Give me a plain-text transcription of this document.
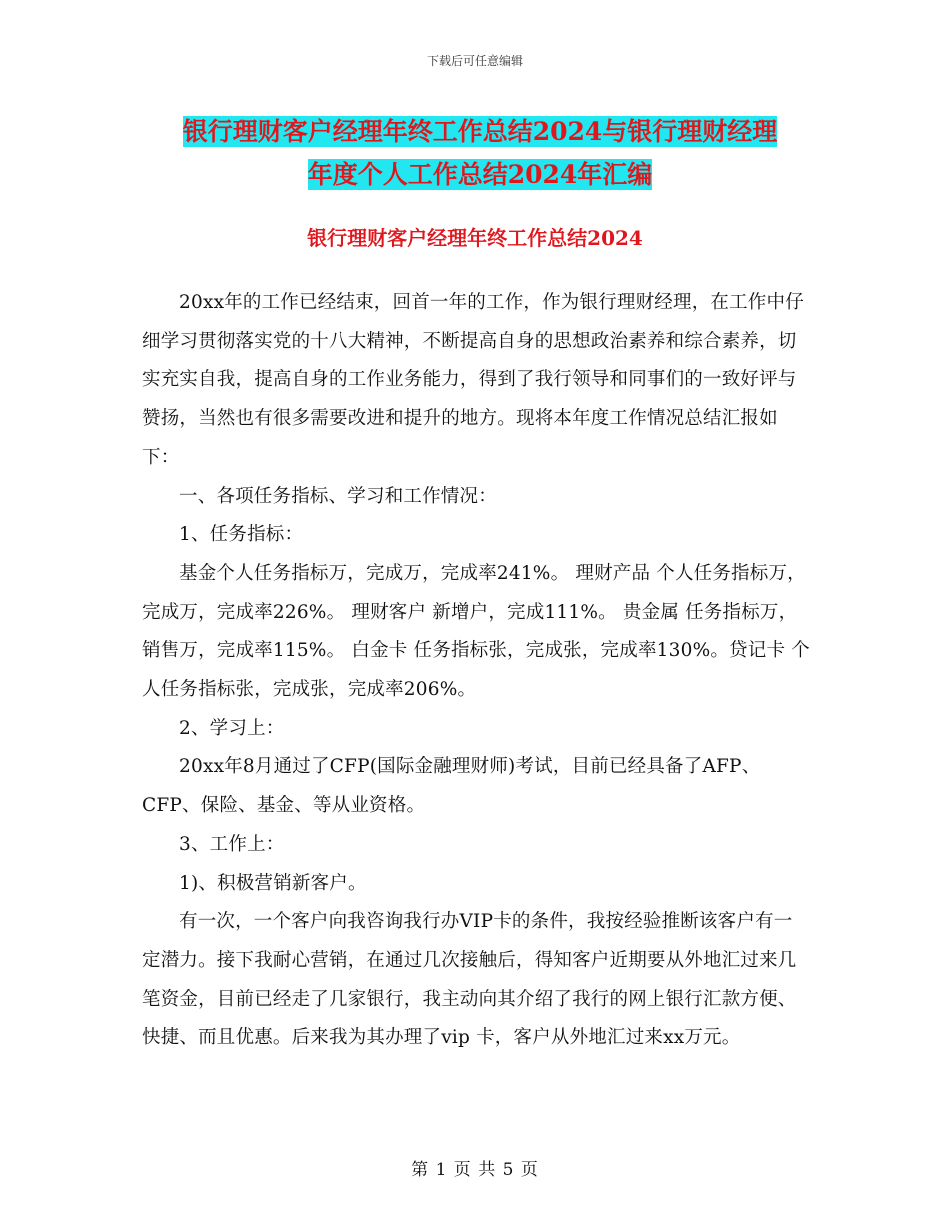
下载后可任意编辑
银行理财客户经理年终工作总结2024与银行理财经理
年度个人工作总结2024年汇编
银行理财客户经理年终工作总结2024

20xx年的工作已经结束，回首一年的工作，作为银行理财经理，在工作中仔细学习贯彻落实党的十八大精神，不断提高自身的思想政治素养和综合素养，切实充实自我，提高自身的工作业务能力，得到了我行领导和同事们的一致好评与赞扬，当然也有很多需要改进和提升的地方。现将本年度工作情况总结汇报如下：

一、各项任务指标、学习和工作情况：

1、任务指标：

基金个人任务指标万，完成万，完成率241%。 理财产品 个人任务指标万，完成万，完成率226%。 理财客户 新增户，完成111%。 贵金属 任务指标万，销售万，完成率115%。 白金卡 任务指标张，完成张，完成率130%。贷记卡 个人任务指标张，完成张，完成率206%。

2、学习上：

20xx年8月通过了CFP(国际金融理财师)考试，目前已经具备了AFP、 CFP、保险、基金、等从业资格。

3、工作上：

1)、积极营销新客户。

有一次，一个客户向我咨询我行办VIP卡的条件，我按经验推断该客户有一 定潜力。接下我耐心营销，在通过几次接触后，得知客户近期要从外地汇过来几 笔资金，目前已经走了几家银行，我主动向其介绍了我行的网上银行汇款方便、 快捷、而且优惠。后来我为其办理了vip 卡，客户从外地汇过来xx万元。

第 1 页 共 5 页
